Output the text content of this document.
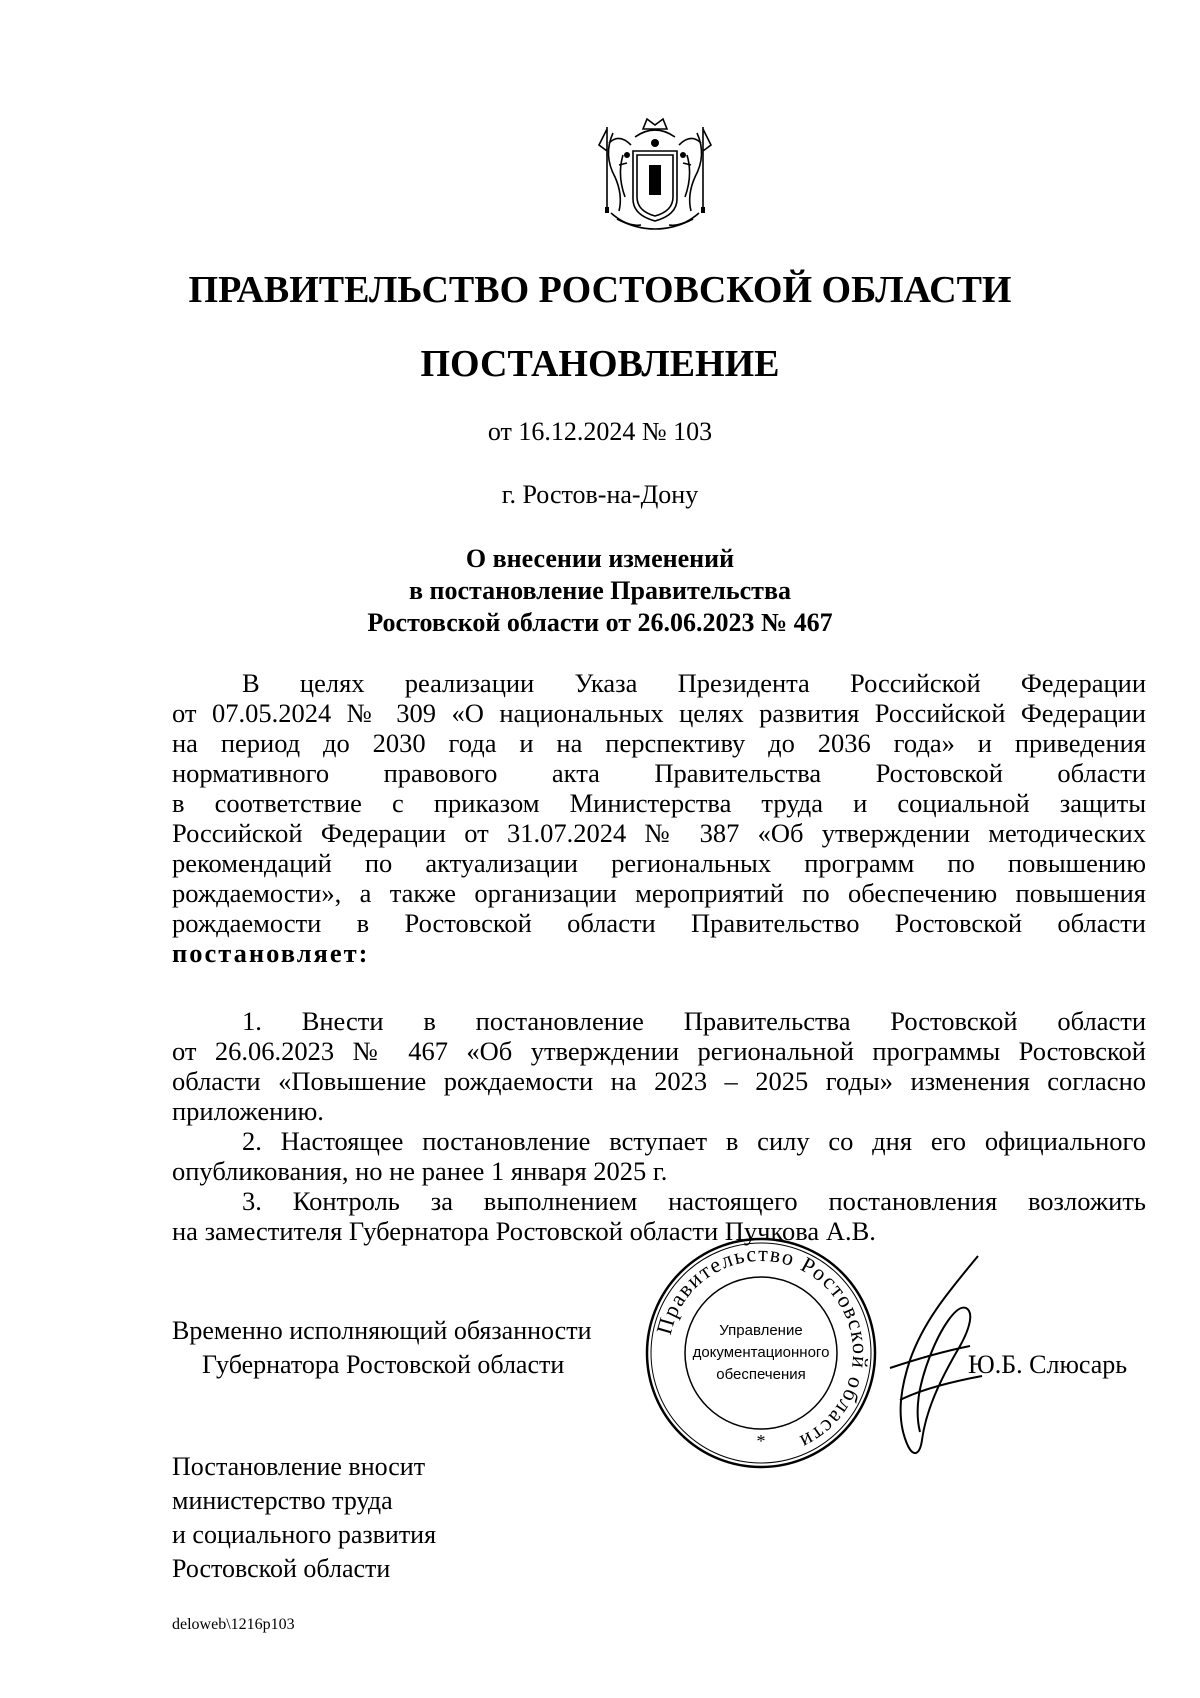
ПРАВИТЕЛЬСТВО РОСТОВСКОЙ ОБЛАСТИ
ПОСТАНОВЛЕНИЕ
от 16.12.2024 № 103
г. Ростов-на-Дону
О внесении изменений
в постановление Правительства
Ростовской области от 26.06.2023 № 467
В целях реализации Указа Президента Российской Федерации
от 07.05.2024 № 309 «О национальных целях развития Российской Федерации
на период до 2030 года и на перспективу до 2036 года» и приведения
нормативного правового акта Правительства Ростовской области
в соответствие с приказом Министерства труда и социальной защиты
Российской Федерации от 31.07.2024 № 387 «Об утверждении методических
рекомендаций по актуализации региональных программ по повышению
рождаемости», а также организации мероприятий по обеспечению повышения
рождаемости в Ростовской области Правительство Ростовской области
постановляет:
1. Внести в постановление Правительства Ростовской области
от 26.06.2023 № 467 «Об утверждении региональной программы Ростовской
области «Повышение рождаемости на 2023 – 2025 годы» изменения согласно
приложению.
2. Настоящее постановление вступает в силу со дня его официального
опубликования, но не ранее 1 января 2025 г.
3. Контроль за выполнением настоящего постановления возложить
на заместителя Губернатора Ростовской области Пучкова А.В.
Временно исполняющий обязанности
Губернатора Ростовской области
Правительство Ростовской области
Управление
документационного
обеспечения
*
Ю.Б. Слюсарь
Постановление вносит
министерство труда
и социального развития
Ростовской области
deloweb\1216p103
